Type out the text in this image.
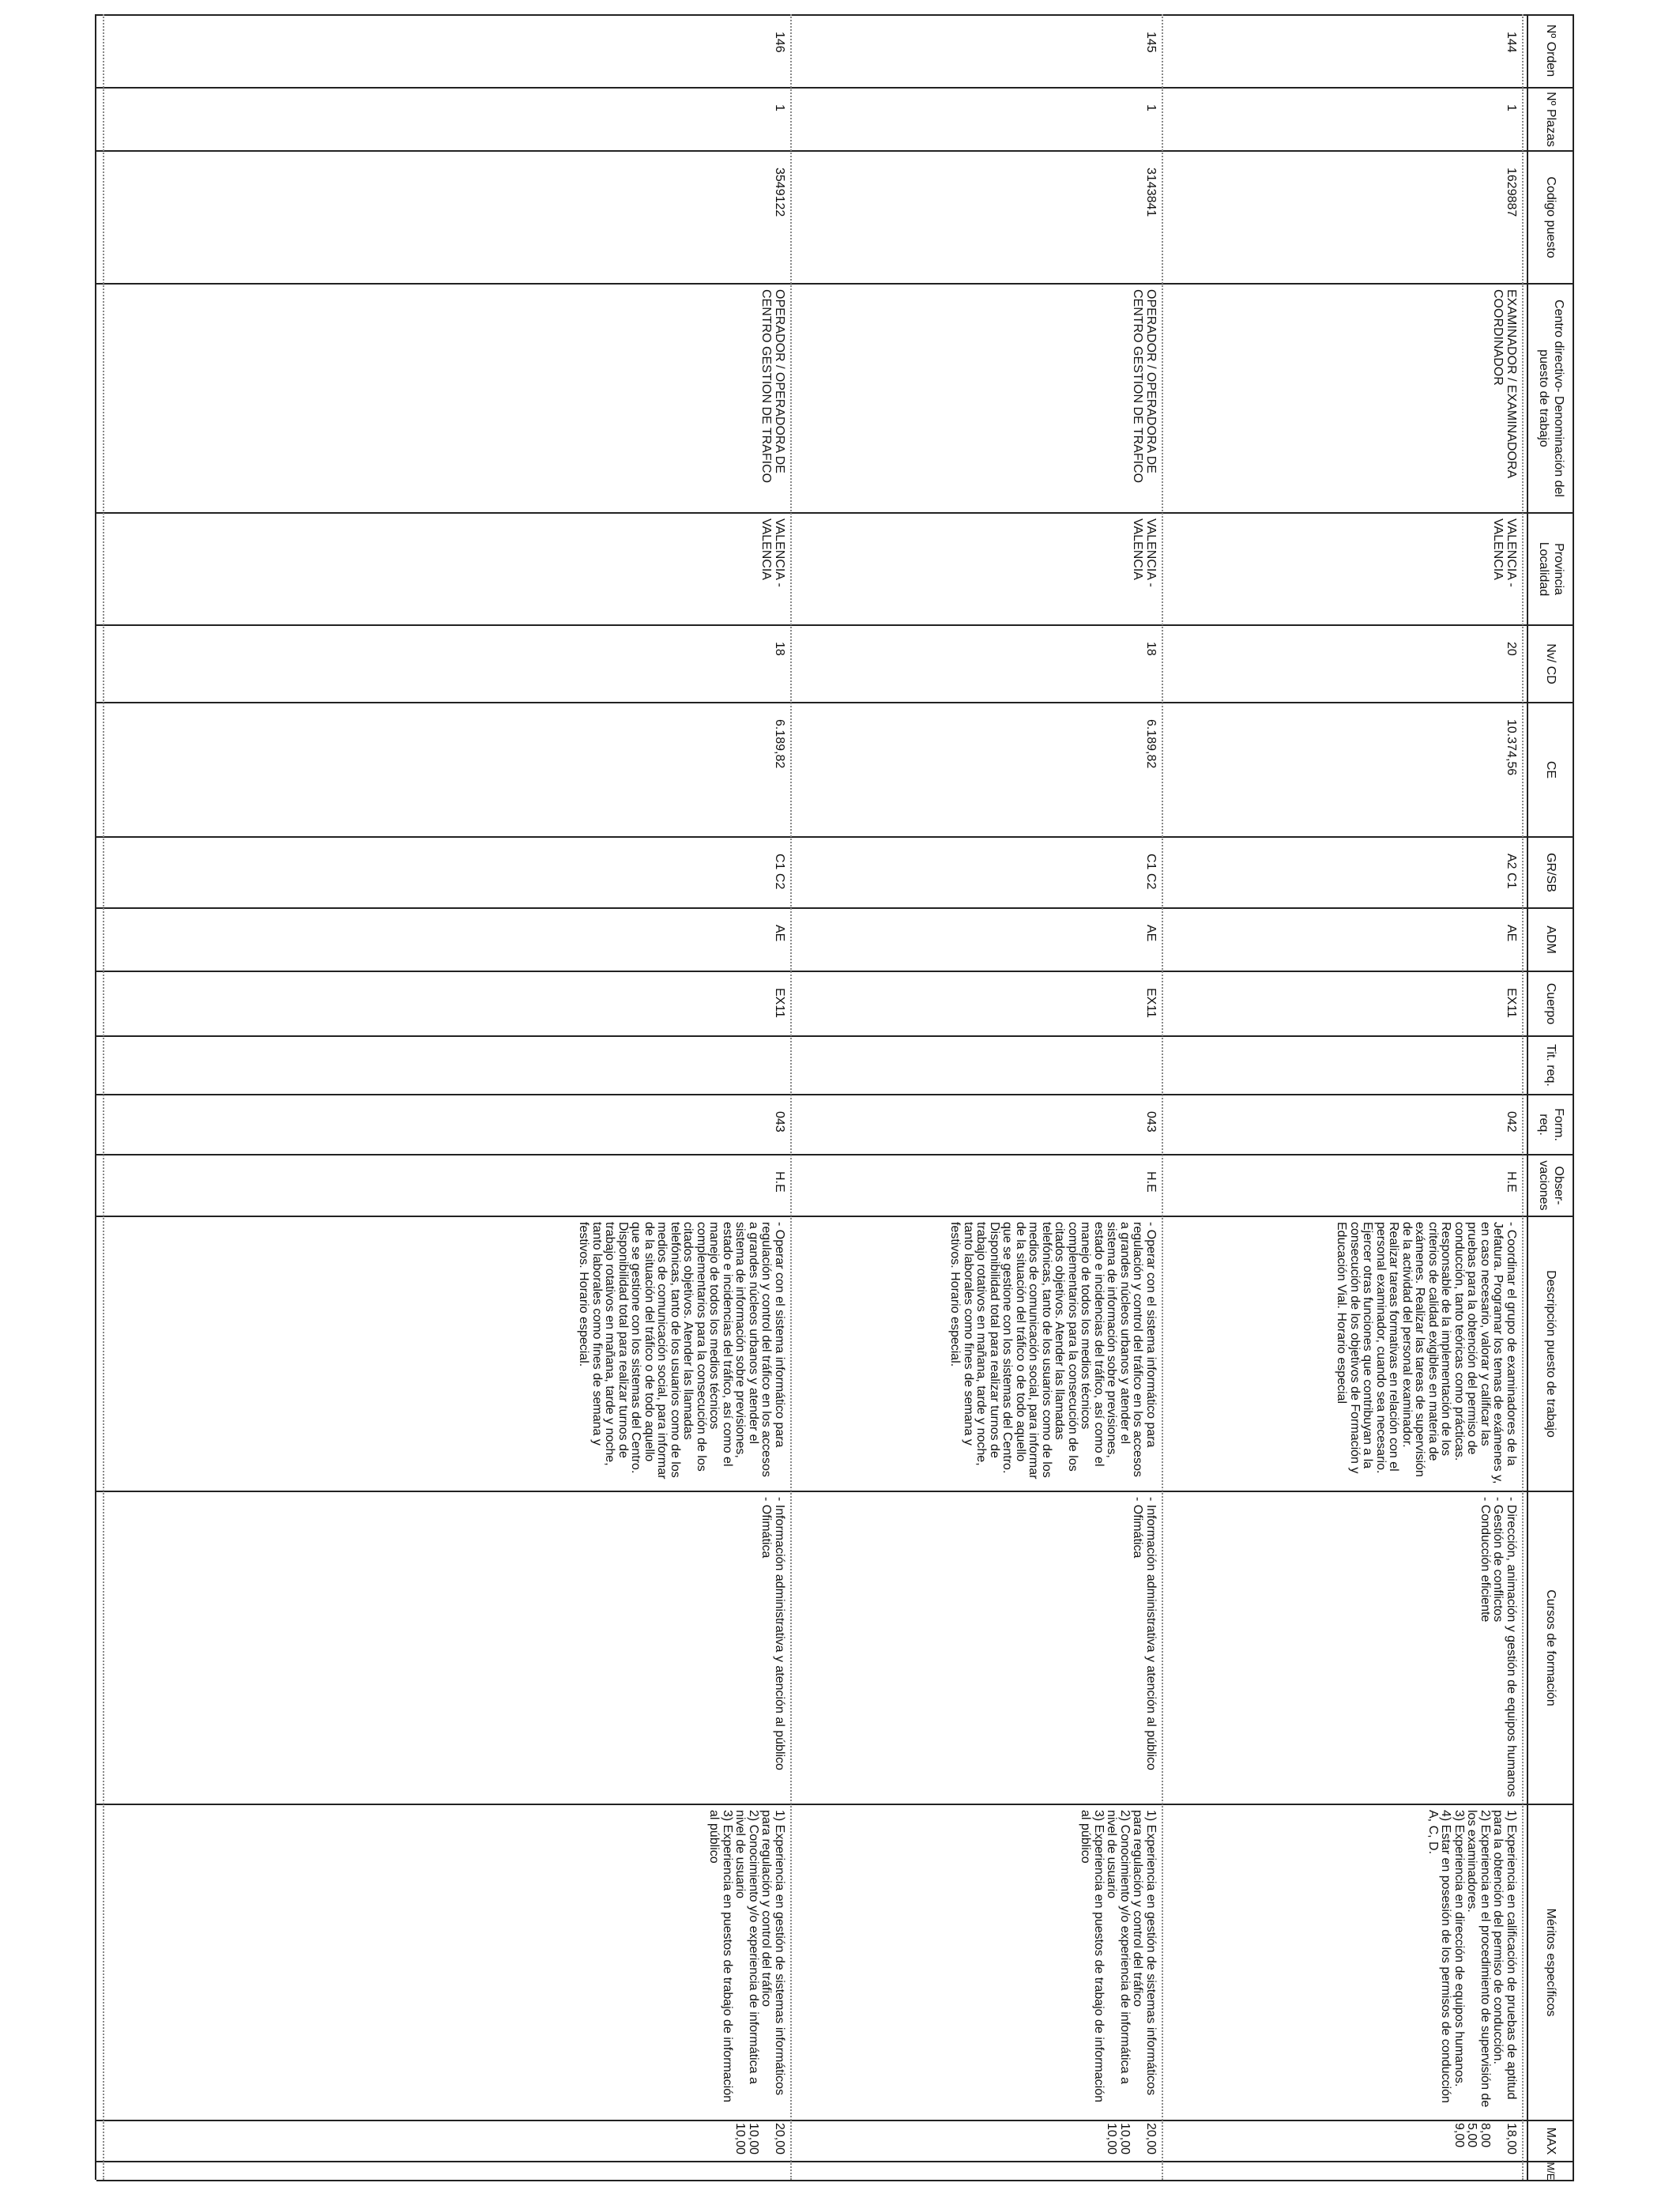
Nº Orden
Nº Plazas
Codigo puesto
Centro directivo- Denominación del puesto de trabajo
Provincia Localidad
Nv/ CD
CE
GR/SB
ADM
Cuerpo
Tit. req.
Form. req.
Obser- vaciones
Descripción puesto de trabajo
Cursos de formación
Méritos específicos
MAX
M/E
144
1
1629887
EXAMINADOR / EXAMINADORA COORDINADOR
VALENCIA - VALENCIA
20
10.374,56
A2 C1
AE
EX11
042
H.E
- Coordinar el grupo de examinadores de la Jefatura. Programar los temas de exámenes y, en caso necesario, valorar y calificar las pruebas para la obtención del permiso de conducción, tanto teóricas como prácticas. Responsable de la implementación de los criterios de calidad exigibles en materia de exámenes. Realizar las tareas de supervisión de la actividad del personal examinador. Realizar tareas formativas en relación con el personal examinador, cuando sea necesario. Ejercer otras funciones que contribuyan a la consecución de los objetivos de Formación y Educación Vial. Horario especial
- Dirección, animación y gestión de equipos humanos
- Gestión de conflictos
- Conducción eficiente
1) Experiencia en calificación de pruebas de aptitud para la obtención del permiso de conducción.
2) Experiencia en el procedimiento de supervisión de los examinadores.
3) Experiencia en dirección de equipos humanos.
4) Estar en posesión de los permisos de conducción A, C, D.
18,00
8,00
5,00
9,00
145
1
3143841
OPERADOR / OPERADORA DE CENTRO GESTION DE TRAFICO
VALENCIA - VALENCIA
18
6.189,82
C1 C2
AE
EX11
043
H.E
- Operar con el sistema informático para regulación y control del tráfico en los accesos a grandes núcleos urbanos y atender el sistema de información sobre previsiones, estado e incidencias del tráfico, así como el manejo de todos los medios técnicos complementarios para la consecución de los citados objetivos. Atender las llamadas telefónicas, tanto de los usuarios como de los medios de comunicación social, para informar de la situación del tráfico o de todo aquello que se gestione con los sistemas del Centro. Disponibilidad total para realizar turnos de trabajo rotativos en mañana, tarde y noche, tanto laborales como fines de semana y festivos. Horario especial.
- Información administrativa y atención al público
- Ofimática
1) Experiencia en gestión de sistemas informáticos para regulación y control del tráfico
2) Conocimiento y/o experiencia de informática a nivel de usuario
3) Experiencia en puestos de trabajo de información al público
20,00
10,00
10,00
146
1
3549122
OPERADOR / OPERADORA DE CENTRO GESTION DE TRAFICO
VALENCIA - VALENCIA
18
6.189,82
C1 C2
AE
EX11
043
H.E
- Operar con el sistema informático para regulación y control del tráfico en los accesos a grandes núcleos urbanos y atender el sistema de información sobre previsiones, estado e incidencias del tráfico, así como el manejo de todos los medios técnicos complementarios para la consecución de los citados objetivos. Atender las llamadas telefónicas, tanto de los usuarios como de los medios de comunicación social, para informar de la situación del tráfico o de todo aquello que se gestione con los sistemas del Centro. Disponibilidad total para realizar turnos de trabajo rotativos en mañana, tarde y noche, tanto laborales como fines de semana y festivos. Horario especial.
- Información administrativa y atención al público
- Ofimática
1) Experiencia en gestión de sistemas informáticos para regulación y control del tráfico
2) Conocimiento y/o experiencia de informática a nivel de usuario
3) Experiencia en puestos de trabajo de información al público
20,00
10,00
10,00
